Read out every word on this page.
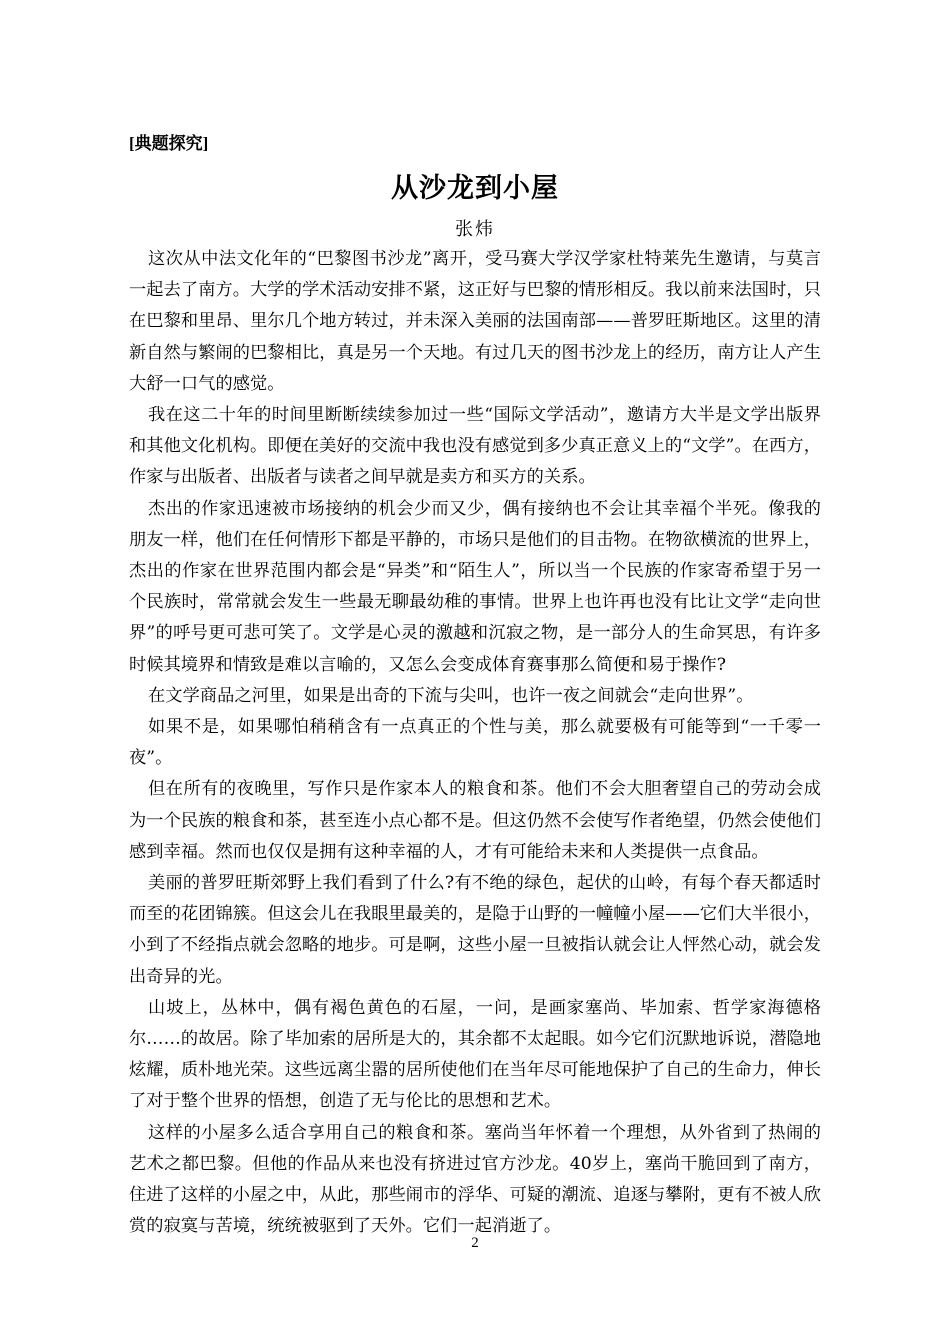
[典题探究]
从沙龙到小屋
张炜

这次从中法文化年的“巴黎图书沙龙”离开，受马赛大学汉学家杜特莱先生邀请，与莫言一起去了南方。大学的学术活动安排不紧，这正好与巴黎的情形相反。我以前来法国时，只在巴黎和里昂、里尔几个地方转过，并未深入美丽的法国南部——普罗旺斯地区。这里的清新自然与繁闹的巴黎相比，真是另一个天地。有过几天的图书沙龙上的经历，南方让人产生大舒一口气的感觉。

我在这二十年的时间里断断续续参加过一些“国际文学活动”，邀请方大半是文学出版界和其他文化机构。即便在美好的交流中我也没有感觉到多少真正意义上的“文学”。在西方，作家与出版者、出版者与读者之间早就是卖方和买方的关系。

杰出的作家迅速被市场接纳的机会少而又少，偶有接纳也不会让其幸福个半死。像我的朋友一样，他们在任何情形下都是平静的，市场只是他们的目击物。在物欲横流的世界上，杰出的作家在世界范围内都会是“异类”和“陌生人”，所以当一个民族的作家寄希望于另一个民族时，常常就会发生一些最无聊最幼稚的事情。世界上也许再也没有比让文学“走向世界”的呼号更可悲可笑了。文学是心灵的激越和沉寂之物，是一部分人的生命冥思，有许多时候其境界和情致是难以言喻的，又怎么会变成体育赛事那么简便和易于操作?

在文学商品之河里，如果是出奇的下流与尖叫，也许一夜之间就会“走向世界”。

如果不是，如果哪怕稍稍含有一点真正的个性与美，那么就要极有可能等到“一千零一夜”。

但在所有的夜晚里，写作只是作家本人的粮食和茶。他们不会大胆奢望自己的劳动会成为一个民族的粮食和茶，甚至连小点心都不是。但这仍然不会使写作者绝望，仍然会使他们感到幸福。然而也仅仅是拥有这种幸福的人，才有可能给未来和人类提供一点食品。

美丽的普罗旺斯郊野上我们看到了什么?有不绝的绿色，起伏的山岭，有每个春天都适时而至的花团锦簇。但这会儿在我眼里最美的，是隐于山野的一幢幢小屋——它们大半很小，小到了不经指点就会忽略的地步。可是啊，这些小屋一旦被指认就会让人怦然心动，就会发出奇异的光。

山坡上，丛林中，偶有褐色黄色的石屋，一问，是画家塞尚、毕加索、哲学家海德格尔……的故居。除了毕加索的居所是大的，其余都不太起眼。如今它们沉默地诉说，潜隐地炫耀，质朴地光荣。这些远离尘嚣的居所使他们在当年尽可能地保护了自己的生命力，伸长了对于整个世界的悟想，创造了无与伦比的思想和艺术。

这样的小屋多么适合享用自己的粮食和茶。塞尚当年怀着一个理想，从外省到了热闹的艺术之都巴黎。但他的作品从来也没有挤进过官方沙龙。40岁上，塞尚干脆回到了南方，住进了这样的小屋之中，从此，那些闹市的浮华、可疑的潮流、追逐与攀附，更有不被人欣赏的寂寞与苦境，统统被驱到了天外。它们一起消逝了。

2
